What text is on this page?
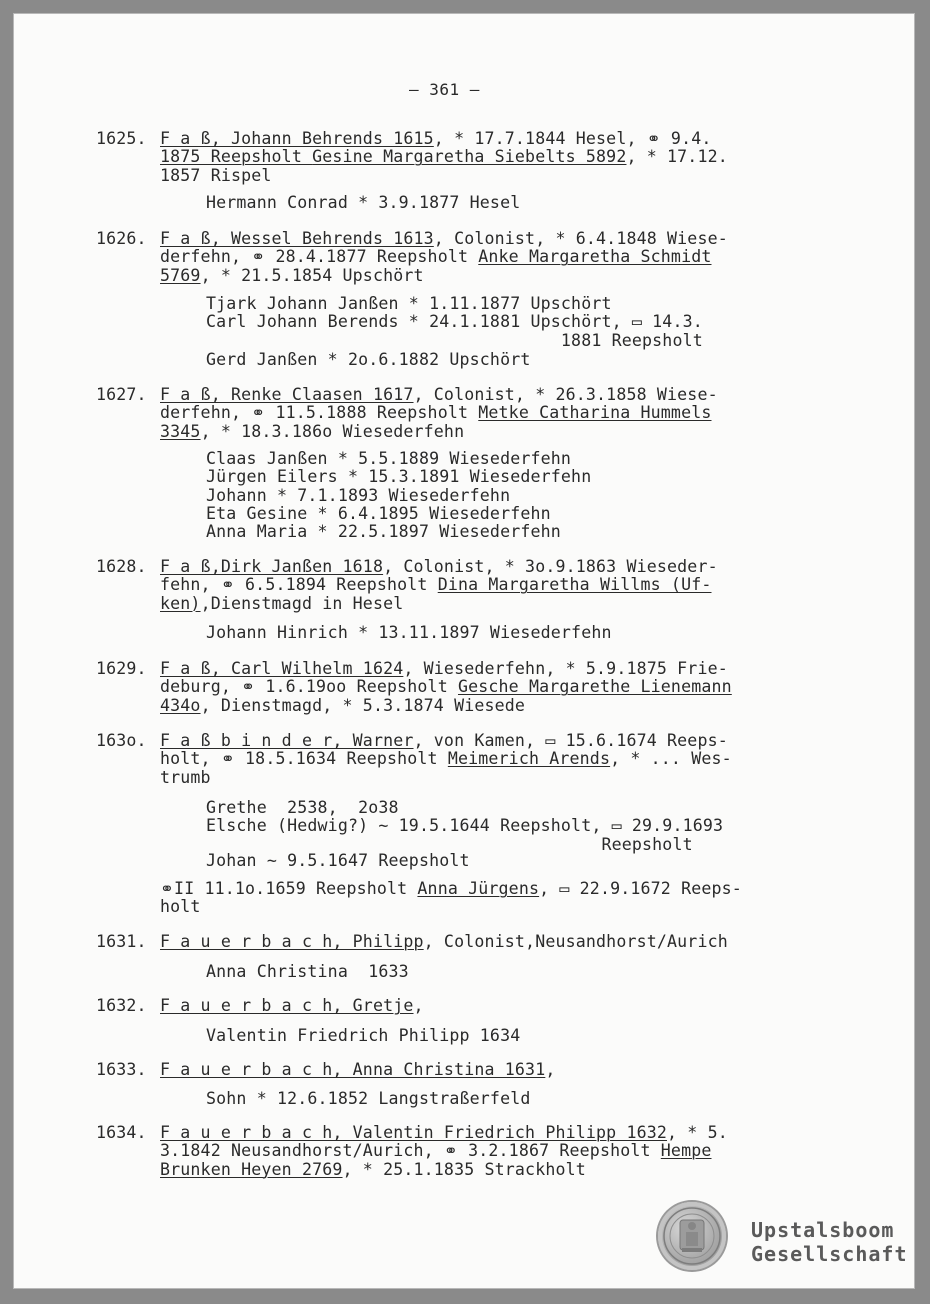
– 361 –
1625. F a ß, Johann Behrends 1615, * 17.7.1844 Hesel, ⚭ 9.4.
1875 Reepsholt Gesine Margaretha Siebelts 5892, * 17.12.
1857 Rispel
Hermann Conrad * 3.9.1877 Hesel
1626. F a ß, Wessel Behrends 1613, Colonist, * 6.4.1848 Wiese-
derfehn, ⚭ 28.4.1877 Reepsholt Anke Margaretha Schmidt
5769, * 21.5.1854 Upschört
Tjark Johann Janßen * 1.11.1877 Upschört
Carl Johann Berends * 24.1.1881 Upschört, ▭ 14.3.
1881 Reepsholt
Gerd Janßen * 2o.6.1882 Upschört
1627. F a ß, Renke Claasen 1617, Colonist, * 26.3.1858 Wiese-
derfehn, ⚭ 11.5.1888 Reepsholt Metke Catharina Hummels
3345, * 18.3.186o Wiesederfehn
Claas Janßen * 5.5.1889 Wiesederfehn
Jürgen Eilers * 15.3.1891 Wiesederfehn
Johann * 7.1.1893 Wiesederfehn
Eta Gesine * 6.4.1895 Wiesederfehn
Anna Maria * 22.5.1897 Wiesederfehn
1628. F a ß,Dirk Janßen 1618, Colonist, * 3o.9.1863 Wieseder-
fehn, ⚭ 6.5.1894 Reepsholt Dina Margaretha Willms (Uf-
ken),Dienstmagd in Hesel
Johann Hinrich * 13.11.1897 Wiesederfehn
1629. F a ß, Carl Wilhelm 1624, Wiesederfehn, * 5.9.1875 Frie-
deburg, ⚭ 1.6.19oo Reepsholt Gesche Margarethe Lienemann
434o, Dienstmagd, * 5.3.1874 Wiesede
163o. F a ß b i n d e r, Warner, von Kamen, ▭ 15.6.1674 Reeps-
holt, ⚭ 18.5.1634 Reepsholt Meimerich Arends, * ... Wes-
trumb
Grethe  2538,  2o38
Elsche (Hedwig?) ~ 19.5.1644 Reepsholt, ▭ 29.9.1693
Reepsholt
Johan ~ 9.5.1647 Reepsholt
⚭II 11.1o.1659 Reepsholt Anna Jürgens, ▭ 22.9.1672 Reeps-
holt
1631. F a u e r b a c h, Philipp, Colonist,Neusandhorst/Aurich
Anna Christina  1633
1632. F a u e r b a c h, Gretje,
Valentin Friedrich Philipp 1634
1633. F a u e r b a c h, Anna Christina 1631,
Sohn * 12.6.1852 Langstraßerfeld
1634. F a u e r b a c h, Valentin Friedrich Philipp 1632, * 5.
3.1842 Neusandhorst/Aurich, ⚭ 3.2.1867 Reepsholt Hempe
Brunken Heyen 2769, * 25.1.1835 Strackholt
Upstalsboom
Gesellschaft
